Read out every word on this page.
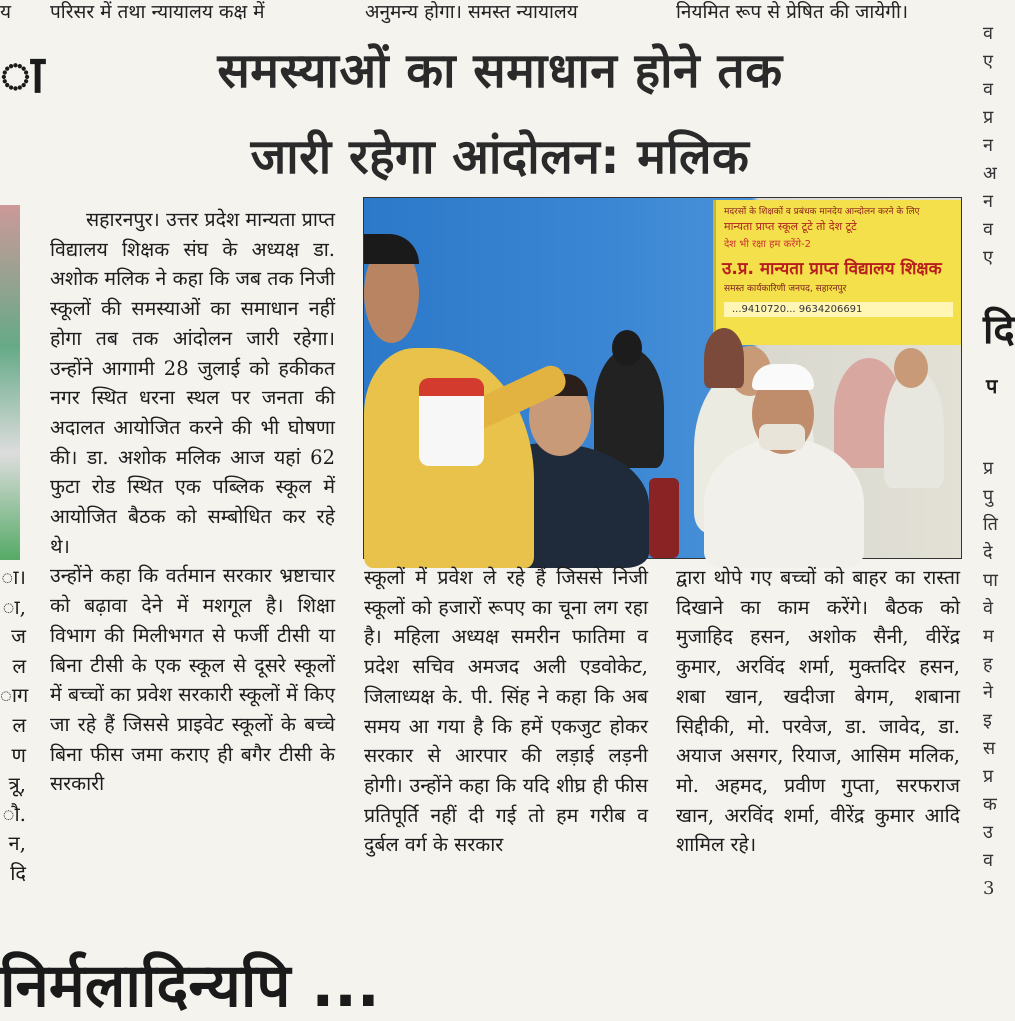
य	परिसर में तथा न्यायालय कक्ष में	अनुमन्य होगा। समस्त न्यायालय	नियमित रूप से प्रेषित की जायेगी।
ा
ा।
ा,
ज
ल
ाग
ल
ण
त्रू,
ौ.
न,
दि
व
ए
व
प्र
न
अ
न
व
ए
दि
प
प्र
पु
ति
दे
पा
वे
म
ह
ने
इ
स
प्र
क
उ
व
3
समस्याओं का समाधान होने तक
जारी रहेगा आंदोलन: मलिक

सहारनपुर। उत्तर प्रदेश मान्यता प्राप्त विद्यालय शिक्षक संघ के अध्यक्ष डा. अशोक मलिक ने कहा कि जब तक निजी स्कूलों की समस्याओं का समाधान नहीं होगा तब तक आंदोलन जारी रहेगा। उन्होंने आगामी 28 जुलाई को हकीकत नगर स्थित धरना स्थल पर जनता की अदालत आयोजित करने की भी घोषणा की। डा. अशोक मलिक आज यहां 62 फुटा रोड स्थित एक पब्लिक स्कूल में आयोजित बैठक को सम्बोधित कर रहे थे।

उन्होंने कहा कि वर्तमान सरकार भ्रष्टाचार को बढ़ावा देने में मशगूल है। शिक्षा विभाग की मिलीभगत से फर्जी टीसी या बिना टीसी के एक स्कूल से दूसरे स्कूलों में बच्चों का प्रवेश सरकारी स्कूलों में किए जा रहे हैं जिससे प्राइवेट स्कूलों के बच्चे बिना फीस जमा कराए ही बगैर टीसी के सरकारी

मदरसों के शिक्षकों व प्रबंधक मानदेय आन्दोलन करने के लिए
मान्यता प्राप्त स्कूल टूटे तो देश टूटे
देश भी रक्षा हम करेंगे-2
उ.प्र. मान्यता प्राप्त विद्यालय शिक्षक
समस्त कार्यकारिणी जनपद, सहारनपुर
...9410720... 9634206691

स्कूलों में प्रवेश ले रहे हैं जिससे निजी स्कूलों को हजारों रूपए का चूना लग रहा है। महिला अध्यक्ष समरीन फातिमा व प्रदेश सचिव अमजद अली एडवोकेट, जिलाध्यक्ष के. पी. सिंह ने कहा कि अब समय आ गया है कि हमें एकजुट होकर सरकार से आरपार की लड़ाई लड़नी होगी। उन्होंने कहा कि यदि शीघ्र ही फीस प्रतिपूर्ति नहीं दी गई तो हम गरीब व दुर्बल वर्ग के सरकार

द्वारा थोपे गए बच्चों को बाहर का रास्ता दिखाने का काम करेंगे। बैठक को मुजाहिद हसन, अशोक सैनी, वीरेंद्र कुमार, अरविंद शर्मा, मुक्तदिर हसन, शबा खान, खदीजा बेगम, शबाना सिद्दीकी, मो. परवेज, डा. जावेद, डा. अयाज असगर, रियाज, आसिम मलिक, मो. अहमद, प्रवीण गुप्ता, सरफराज खान, अरविंद शर्मा, वीरेंद्र कुमार आदि शामिल रहे।

निर्मलादिन्यपि ...
